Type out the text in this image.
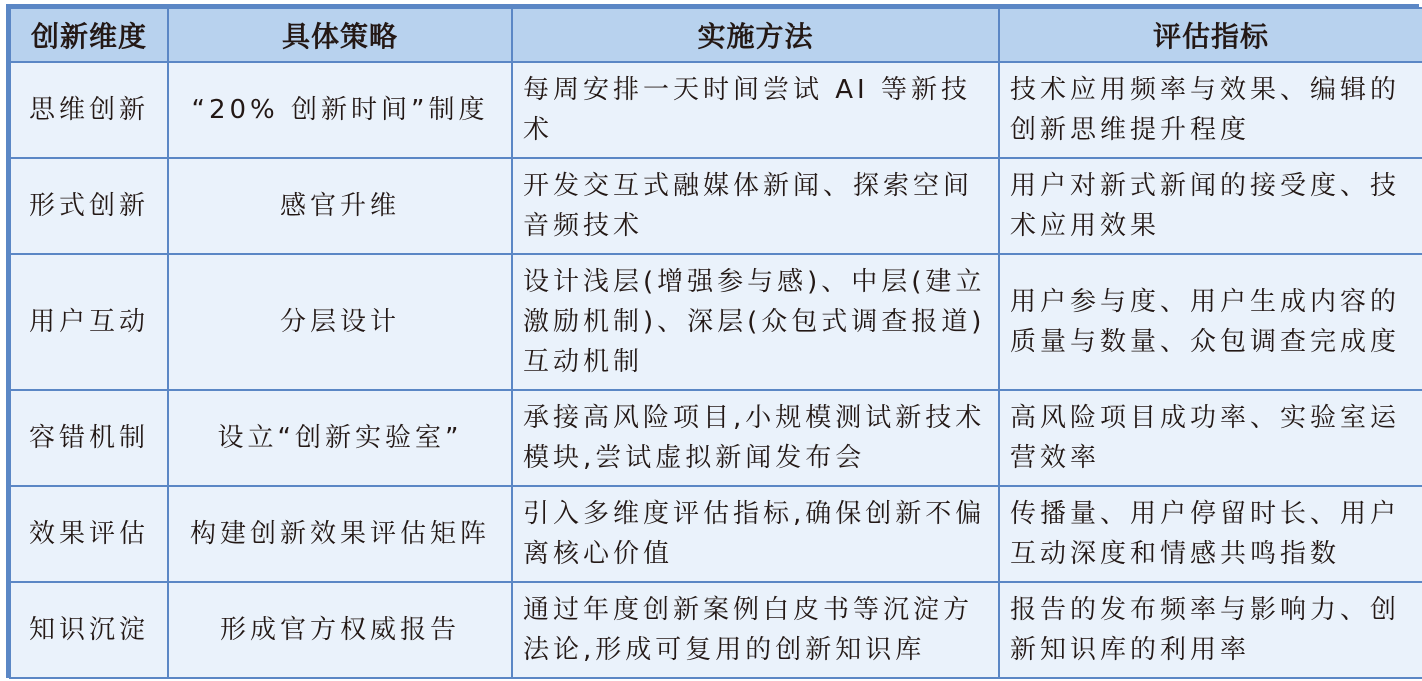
创新维度	具体策略	实施方法	评估指标
思维创新	“20% 创新时间”制度	每周安排一天时间尝试 AI 等新技术	技术应用频率与效果、编辑的创新思维提升程度
形式创新	感官升维	开发交互式融媒体新闻、探索空间音频技术	用户对新式新闻的接受度、技术应用效果
用户互动	分层设计	设计浅层(增强参与感)、中层(建立激励机制)、深层(众包式调查报道)互动机制	用户参与度、用户生成内容的质量与数量、众包调查完成度
容错机制	设立“创新实验室”	承接高风险项目,小规模测试新技术模块,尝试虚拟新闻发布会	高风险项目成功率、实验室运营效率
效果评估	构建创新效果评估矩阵	引入多维度评估指标,确保创新不偏离核心价值	传播量、用户停留时长、用户互动深度和情感共鸣指数
知识沉淀	形成官方权威报告	通过年度创新案例白皮书等沉淀方法论,形成可复用的创新知识库	报告的发布频率与影响力、创新知识库的利用率
